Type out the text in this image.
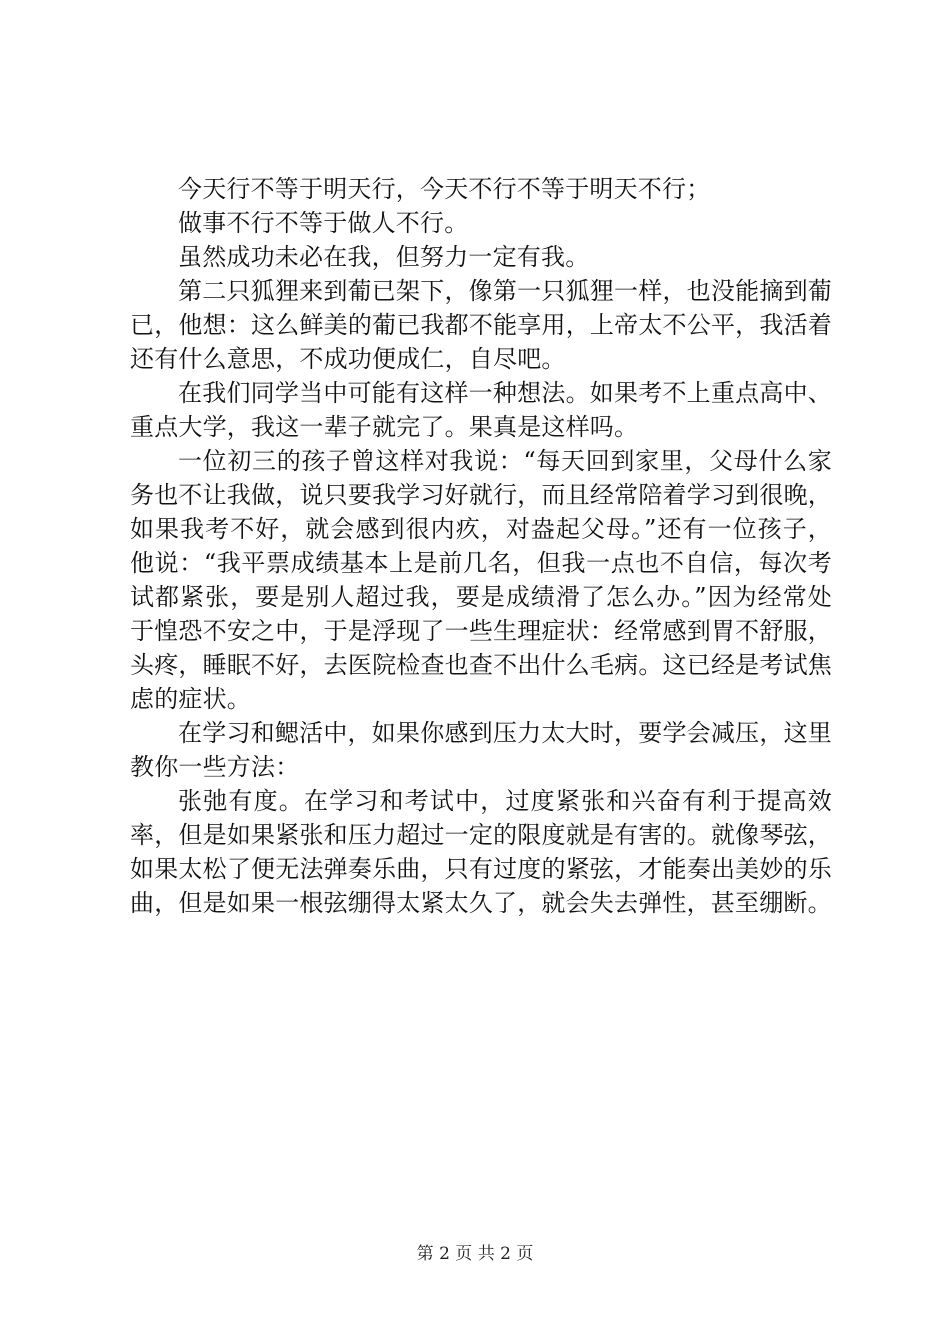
今天行不等于明天行，今天不行不等于明天不行；

做事不行不等于做人不行。

虽然成功未必在我，但努力一定有我。

第二只狐狸来到葡已架下，像第一只狐狸一样，也没能摘到葡已，他想：这么鲜美的葡已我都不能享用，上帝太不公平，我活着还有什么意思，不成功便成仁，自尽吧。

在我们同学当中可能有这样一种想法。如果考不上重点高中、重点大学，我这一辈子就完了。果真是这样吗。

一位初三的孩子曾这样对我说：“每天回到家里，父母什么家务也不让我做，说只要我学习好就行，而且经常陪着学习到很晚，如果我考不好，就会感到很内疚，对盎起父母。”还有一位孩子，他说：“我平票成绩基本上是前几名，但我一点也不自信，每次考试都紧张，要是别人超过我，要是成绩滑了怎么办。”因为经常处于惶恐不安之中，于是浮现了一些生理症状：经常感到胃不舒服，头疼，睡眠不好，去医院检查也查不出什么毛病。这已经是考试焦虑的症状。

在学习和鳃活中，如果你感到压力太大时，要学会减压，这里教你一些方法：

张弛有度。在学习和考试中，过度紧张和兴奋有利于提高效率，但是如果紧张和压力超过一定的限度就是有害的。就像琴弦，如果太松了便无法弹奏乐曲，只有过度的紧弦，才能奏出美妙的乐曲，但是如果一根弦绷得太紧太久了，就会失去弹性，甚至绷断。

第 2 页 共 2 页
